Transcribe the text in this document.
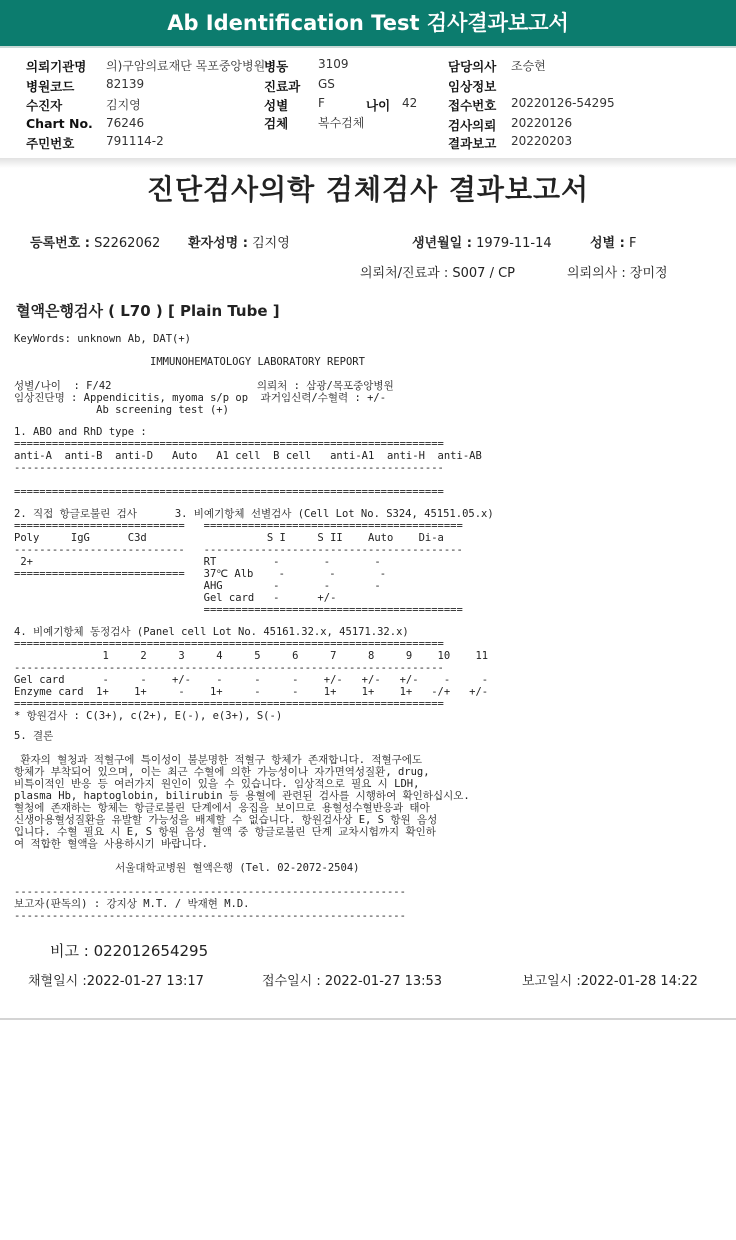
Ab Identification Test 검사결과보고서
의뢰기관명 의)구암의료재단 목포중앙병원
병동 3109	담당의사 조승현
병원코드	82139	진료과 GS	임상정보
수진자	김지영	성별 F	나이 42 접수번호 20220126-54295
Chart No. 76246	검체 복수검체	검사의뢰 20220126
주민번호	791114-2	결과보고 20220203
진단검사의학 검체검사 결과보고서
등록번호 : S2262062 환자성명 : 김지영	생년월일 : 1979-11-14	성별 : F
의뢰처/진료과 : S007 / CP	의뢰의사 : 장미정
혈액은행검사 ( L70 ) [ Plain Tube ]
KeyWords: unknown Ab, DAT(+)
IMMUNOHEMATOLOGY LABORATORY REPORT
성별/나이  : F/42                       의뢰처 : 삼광/목포중앙병원
임상진단명 : Appendicitis, myoma s/p op  과거임신력/수혈력 : +/-
Ab screening test (+)
1. ABO and RhD type :
====================================================================
anti-A  anti-B  anti-D   Auto   A1 cell  B cell   anti-A1  anti-H  anti-AB
--------------------------------------------------------------------

====================================================================
2. 직접 항글로불린 검사      3. 비예기항체 선별검사 (Cell Lot No. S324, 45151.05.x)
===========================   =========================================
Poly     IgG      C3d                   S I     S II    Auto    Di-a
---------------------------   -----------------------------------------
2+                           RT         -       -       -
===========================   37℃ Alb    -       -       -
AHG        -       -       -
Gel card   -      +/-
=========================================
4. 비예기항체 동정검사 (Panel cell Lot No. 45161.32.x, 45171.32.x)
====================================================================
1     2     3     4     5     6     7     8     9    10    11
--------------------------------------------------------------------
Gel card      -     -    +/-    -     -     -    +/-   +/-   +/-    -     -
Enzyme card  1+    1+     -    1+     -     -    1+    1+    1+   -/+   +/-
====================================================================
* 항원검사 : C(3+), c(2+), E(-), e(3+), S(-)
5. 결론

환자의 혈청과 적혈구에 특이성이 불분명한 적혈구 항체가 존재합니다. 적혈구에도
항체가 부착되어 있으며, 이는 최근 수혈에 의한 가능성이나 자가면역성질환, drug,
비특이적인 반응 등 여러가지 원인이 있을 수 있습니다. 임상적으로 필요 시 LDH,
plasma Hb, haptoglobin, bilirubin 등 용혈에 관련된 검사를 시행하여 확인하십시오.
혈청에 존재하는 항체는 항글로불린 단계에서 응집을 보이므로 용혈성수혈반응과 태아
신생아용혈성질환을 유발할 가능성을 배제할 수 없습니다. 항원검사상 E, S 항원 음성
입니다. 수혈 필요 시 E, S 항원 음성 혈액 중 항글로불린 단계 교차시험까지 확인하
여 적합한 혈액을 사용하시기 바랍니다.

서울대학교병원 혈액은행 (Tel. 02-2072-2504)

--------------------------------------------------------------
보고자(판독의) : 강지상 M.T. / 박재현 M.D.
--------------------------------------------------------------
비고 : 022012654295
채혈일시 :2022-01-27 13:17	접수일시 : 2022-01-27 13:53	보고일시 :2022-01-28 14:22
